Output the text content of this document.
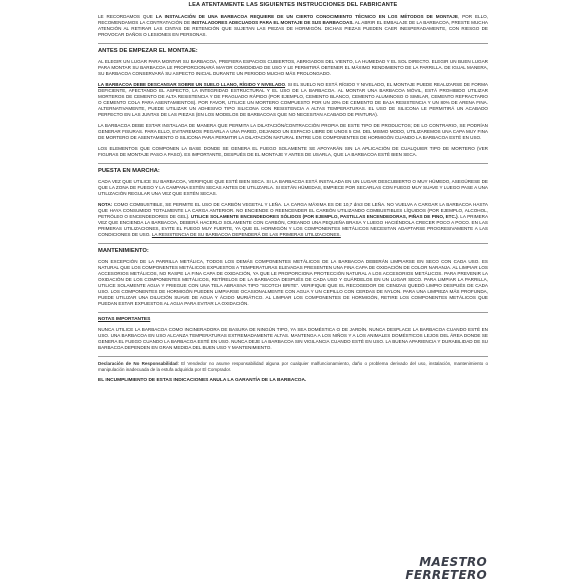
LEA ATENTAMENTE LAS SIGUIENTES INSTRUCCIONES DEL FABRICANTE

LE RECORDAMOS QUE LA INSTALACIÓN DE UNA BARBACOA REQUIERE DE UN CIERTO CONOCIMIENTO TÉCNICO EN LOS MÉTODOS DE MONTAJE, POR ELLO, RECOMENDAMOS LA CONTRATACIÓN DE INSTALADORES ADECUADOS PARA EL MONTAJE DE SUS BARBACOAS. AL ABRIR EL EMBALAJE DE LA BARBACOA, PRESTE MUCHA ATENCIÓN AL RETIRAR LAS CINTAS DE RETENCIÓN QUE SUJETAN LAS PIEZAS DE HORMIGÓN. DICHAS PIEZAS PUEDEN CAER INESPERADAMENTE, CON RIESGO DE PROVOCAR DAÑOS O LESIONES EN PERSONAS.

ANTES DE EMPEZAR EL MONTAJE:

AL ELEGIR UN LUGAR PARA MONTAR SU BARBACOA, PREFIERA ESPACIOS CUBIERTOS, ABRIGADOS DEL VIENTO, LA HUMEDAD Y EL SOL DIRECTO. ELEGIR UN BUEN LUGAR PARA MONTAR SU BARBACOA LE PROPORCIONARÁ MAYOR COMODIDAD DE USO Y LE PERMITIRÁ OBTENER EL MÁXIMO RENDIMIENTO DE LA PARRILLA. DE IGUAL MANERA, SU BARBACOA CONSERVARÁ SU ASPECTO INICIAL DURANTE UN PERIODO MUCHO MÁS PROLONGADO.

LA BARBACOA DEBE DESCANSAR SOBRE UN SUELO LLANO, RÍGIDO Y NIVELADO. SI EL SUELO NO ESTÁ RÍGIDO Y NIVELADO, EL MONTAJE PUEDE REALIZARSE DE FORMA DEFICIENTE, AFECTANDO EL ASPECTO, LA INTEGRIDAD ESTRUCTURAL Y EL USO DE LA BARBACOA. AL MONTAR UNA BARBACOA MÓVIL, ESTÁ PROHIBIDO UTILIZAR MORTEROS DE CEMENTO DE ALTA RESISTENCIA Y DE FRAGUADO RÁPIDO (POR EJEMPLO, CEMENTO BLANCO, CEMENTO ALUMINOSO O SIMILAR, CEMENTO REFRACTARIO O CEMENTO COLA PARA ASENTAMIENTOS). POR FAVOR, UTILICE UN MORTERO COMPUESTO POR UN 20% DE CEMENTO DE BAJA RESISTENCIA Y UN 80% DE ARENA FINA. ALTERNATIVAMENTE, PUEDE UTILIZAR UN ADHESIVO TIPO SILICONA CON RESISTENCIA A ALTAS TEMPERATURAS. EL USO DE SILICONA LE PERMITIRÁ UN ACABADO PERFECTO EN LAS JUNTAS DE LAS PIEZAS (EN LOS MODELOS DE BARBACOAS QUE NO NECESITAN ACABADO DE PINTURA).

LA BARBACOA DEBE ESTAR INSTALADA DE MANERA QUE PERMITA LA DILATACIÓN/CONTRACCIÓN PROPIA DE ESTE TIPO DE PRODUCTOS; DE LO CONTRARIO, SE PODRÍAN GENERAR FISURAS. PARA ELLO, EVITAREMOS PEGARLA A UNA PARED, DEJANDO UN ESPACIO LIBRE DE UNOS 5 CM. DEL MISMO MODO, UTILIZAREMOS UNA CAPA MUY FINA DE MORTERO DE ASENTAMIENTO O SILICONA PARA PERMITIR LA DILATACIÓN NATURAL ENTRE LOS COMPONENTES DE HORMIGÓN CUANDO LA BARBACOA ESTÉ EN USO.

LOS ELEMENTOS QUE COMPONEN LA BASE DONDE SE GENERA EL FUEGO SOLAMENTE SE APOYARÁN SIN LA APLICACIÓN DE CUALQUIER TIPO DE MORTERO (VER FIGURAS DE MONTAJE PASO A PASO). ES IMPORTANTE, DESPUÉS DE EL MONTAJE Y ANTES DE USARLA, QUE LA BARBACOA ESTÉ BIEN SECA.

PUESTA EN MARCHA:

CADA VEZ QUE UTILICE SU BARBACOA, VERIFIQUE QUE ESTÉ BIEN SECA. SI LA BARBACOA ESTÁ INSTALADA EN UN LUGAR DESCUBIERTO O MUY HÚMEDO, ASEGÚRESE DE QUE LA ZONA DE FUEGO Y LA CAMPANA ESTÉN SECAS ANTES DE UTILIZARLA. SI ESTÁN HÚMEDAS, EMPIECE POR SECARLAS CON FUEGO MUY SUAVE Y LUEGO PASE A UNA UTILIZACIÓN REGULAR UNA VEZ QUE ESTÉN SECAS.

NOTA: COMO COMBUSTIBLE, SE PERMITE EL USO DE CARBÓN VEGETAL Y LEÑA. LA CARGA MÁXIMA ES DE 10,7 dm3 DE LEÑA. NO VUELVA A CARGAR LA BARBACOA HASTA QUE HAYA CONSUMIDO TOTALMENTE LA CARGA ANTERIOR. NO ENCIENDE O REENCENDER EL CARBÓN UTILIZANDO COMBUSTIBLES LÍQUIDOS (POR EJEMPLO, ALCOHOL, PETRÓLEO O ENCENDEDORES DE GEL). UTILICE SOLAMENTE ENCENDEDORES SÓLIDOS (POR EJEMPLO, PASTILLAS ENCENDEDORAS, PIÑAS DE PINO, ETC.). LA PRIMERA VEZ QUE ENCIENDA LA BARBACOA, DEBERÁ HACERLO SOLAMENTE CON CARBÓN, CREANDO UNA PEQUEÑA BRASA Y LUEGO HACIÉNDOLA CRECER POCO A POCO. EN LAS PRIMERAS UTILIZACIONES, EVITE EL FUEGO MUY FUERTE, YA QUE EL HORMIGÓN Y LOS COMPONENTES METÁLICOS NECESITAN ADAPTARSE PROGRESIVAMENTE A LAS CONDICIONES DE USO. LA RESISTENCIA DE SU BARBACOA DEPENDERÁ DE LAS PRIMERAS UTILIZACIONES.

MANTENIMIENTO:

CON EXCEPCIÓN DE LA PARRILLA METÁLICA, TODOS LOS DEMÁS COMPONENTES METÁLICOS DE LA BARBACOA DEBERÁN LIMPIARSE EN SECO CON CADA USO. ES NATURAL QUE LOS COMPONENTES METÁLICOS EXPUESTOS A TEMPERATURAS ELEVADAS PRESENTEN UNA FINA CAPA DE OXIDACIÓN DE COLOR NARANJA. AL LIMPIAR LOS ACCESORIOS METÁLICOS, NO RASPE LA FINA CAPA DE OXIDACIÓN, YA QUE LE PROPORCIONA PROTECCIÓN NATURAL A LOS ACCESORIOS METÁLICOS. PARA PREVENIR LA OXIDACIÓN DE LOS COMPONENTES METÁLICOS, RETÍRELOS DE LA BARBACOA DESPUÉS DE CADA USO Y GUÁRDELOS EN UN LUGAR SECO. PARA LIMPIAR LA PARRILLA, UTILICE SOLAMENTE AGUA Y FRIEGUE CON UNA TELA ABRASIVA TIPO "SCOTCH BRITE". VERIFIQUE QUE EL RECOGEDOR DE CENIZAS QUEDÓ LIMPIO DESPUÉS DE CADA USO. LOS COMPONENTES DE HORMIGÓN PUEDEN LIMPIARSE OCASIONALMENTE CON AGUA Y UN CEPILLO CON CERDAS DE NYLON. PARA UNA LIMPIEZA MÁS PROFUNDA, PUEDE UTILIZAR UNA DILUCIÓN SUAVE DE AGUA Y ÁCIDO MURIÁTICO. AL LIMPIAR LOS COMPONENTES DE HORMIGÓN, RETIRE LOS COMPONENTES METÁLICOS QUE PUEDAN ESTAR EXPUESTOS AL AGUA PARA EVITAR LA OXIDACIÓN.

NOTAS IMPORTANTES

NUNCA UTILICE LA BARBACOA COMO INCINERADORA DE BASURA DE NINGÚN TIPO, YA SEA DOMÉSTICA O DE JARDÍN. NUNCA DESPLACE LA BARBACOA CUANDO ESTÉ EN USO. UNA BARBACOA EN USO ALCANZA TEMPERATURAS EXTREMADAMENTE ALTAS. MANTENGA A LOS NIÑOS Y A LOS ANIMALES DOMÉSTICOS LEJOS DEL ÁREA DONDE SE GENERA EL FUEGO CUANDO LA BARBACOA ESTÉ EN USO. NUNCA DEJE LA BARBACOA SIN VIGILANCIA CUANDO ESTÉ EN USO. LA BUENA APARIENCIA Y DURABILIDAD DE SU BARBACOA DEPENDEN EN GRAN MEDIDA DEL BUEN USO Y MANTENIMIENTO.

Declaración de No Responsabilidad: El Vendedor no asume responsabilidad alguna por cualquier malfuncionamiento, daño o problema derivado del uso, instalación, mantenimiento o manipulación inadecuada de la estufa adquirida por El Comprador.
EL INCUMPLIMIENTO DE ESTAS INDICACIONES ANULA LA GARANTÍA DE LA BARBACOA.
MAESTRO
FERRETERO
